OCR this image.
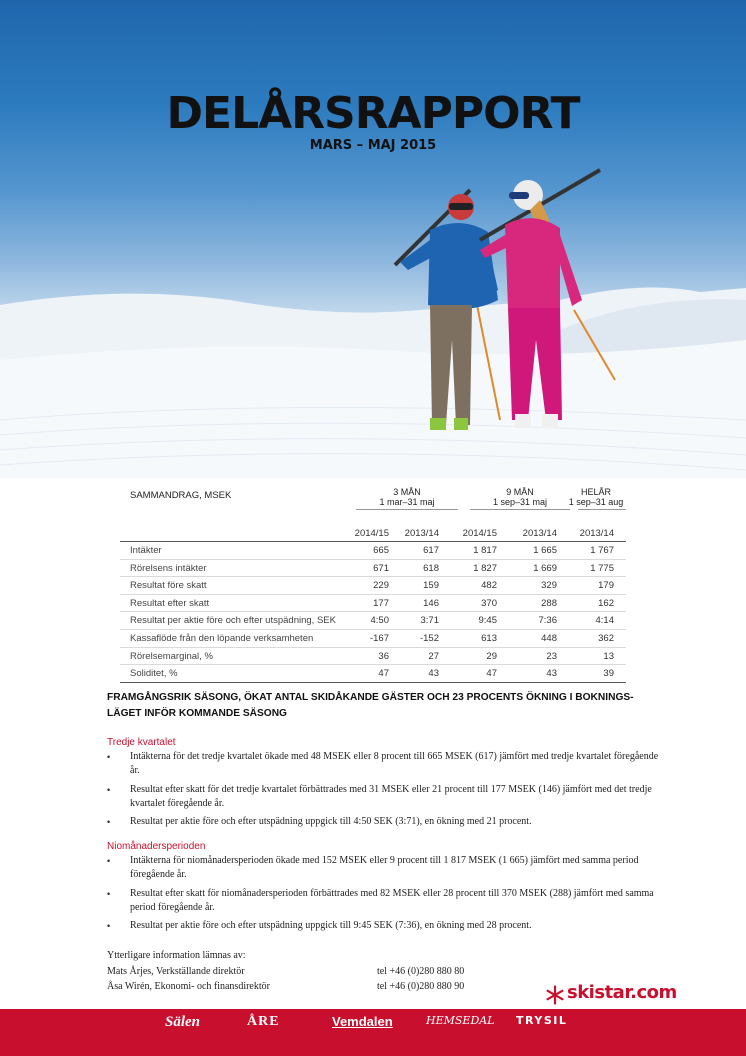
DELÅRSRAPPORT
MARS – MAJ 2015
SAMMANDRAG, MSEK	3 MÅN
1 mar–31 maj
9 MÅN
1 sep–31 maj
HELÅR
1 sep–31 aug
2014/15 2013/14 2014/15	2013/14 2013/14
Intäkter	665	617	1 817	1 665	1 767
Rörelsens intäkter	671	618	1 827	1 669	1 775
Resultat före skatt	229	159	482	329	179
Resultat efter skatt	177	146	370	288	162
Resultat per aktie före och efter utspädning, SEK	4:50	3:71	9:45	7:36	4:14
Kassaflöde från den löpande verksamheten	-167	-152	613	448	362
Rörelsemarginal, %	36	27	29	23	13
Soliditet, %	47	43	47	43	39
FRAMGÅNGSRIK SÄSONG, ÖKAT ANTAL SKIDÅKANDE GÄSTER OCH 23 PROCENTS ÖKNING I BOKNINGS-
LÄGET INFÖR KOMMANDE SÄSONG
Tredje kvartalet
• Intäkterna för det tredje kvartalet ökade med 48 MSEK eller 8 procent till 665 MSEK (617) jämfört med tredje kvartalet föregående år.
• Resultat efter skatt för det tredje kvartalet förbättrades med 31 MSEK eller 21 procent till 177 MSEK (146) jämfört med det tredje kvartalet föregående år.
• Resultat per aktie före och efter utspädning uppgick till 4:50 SEK (3:71), en ökning med 21 procent.
Niomånadersperioden
• Intäkterna för niomånadersperioden ökade med 152 MSEK eller 9 procent till 1 817 MSEK (1 665) jämfört med samma period föregående år.
• Resultat efter skatt för niomånadersperioden förbättrades med 82 MSEK eller 28 procent till 370 MSEK (288) jämfört med samma period föregående år.
• Resultat per aktie före och efter utspädning uppgick till 9:45 SEK (7:36), en ökning med 28 procent.
Ytterligare information lämnas av:
Mats Årjes, Verkställande direktör	tel +46 (0)280 880 80
Åsa Wirén, Ekonomi- och finansdirektör	tel +46 (0)280 880 90	skistar.com
Sälen	ÅRE	Vemdalen	HEMSEDAL TRYSIL
